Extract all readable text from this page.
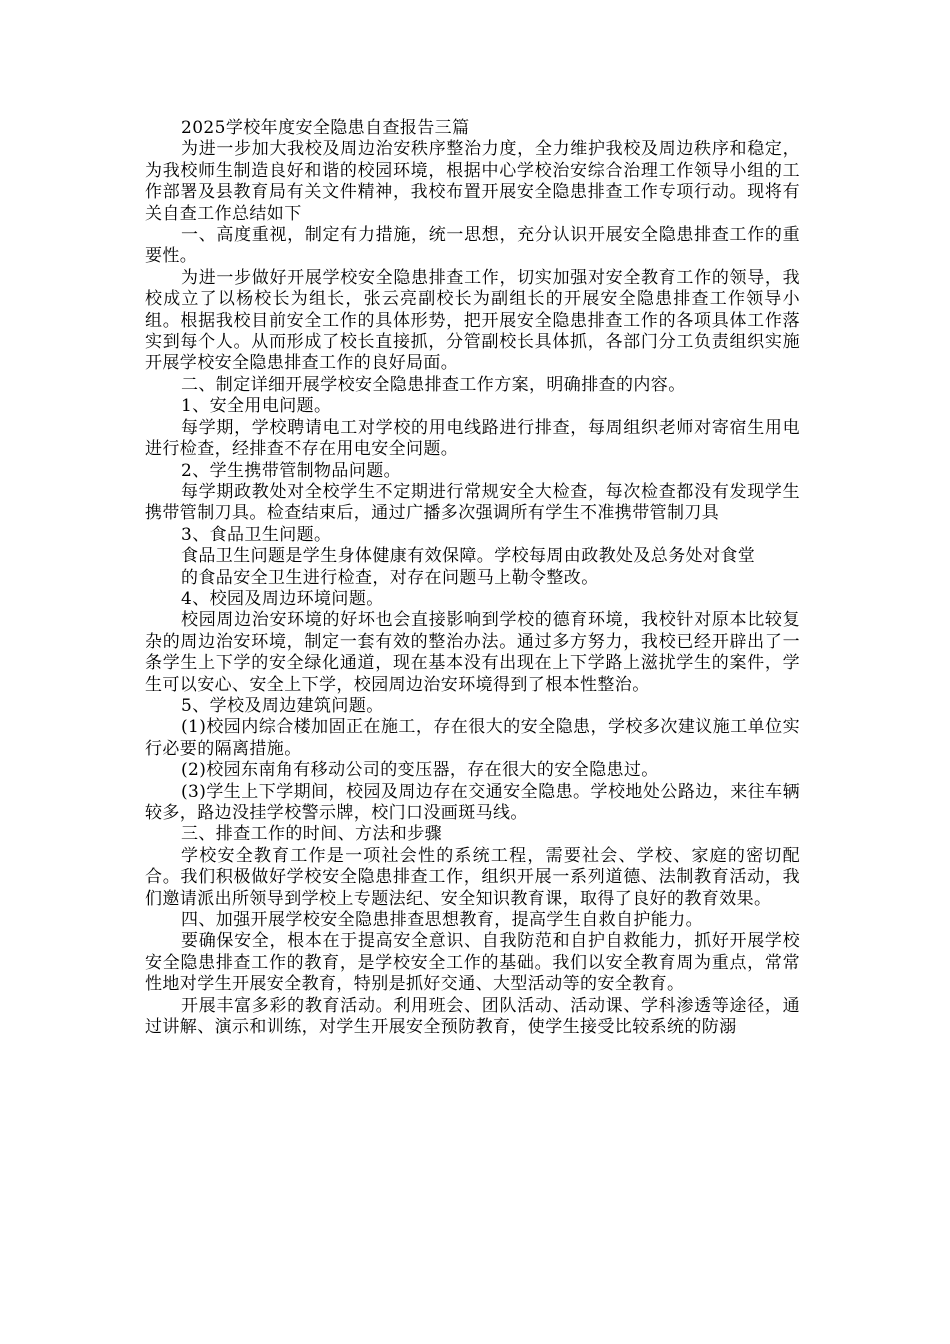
2025学校年度安全隐患自查报告三篇

为进一步加大我校及周边治安秩序整治力度，全力维护我校及周边秩序和稳定，为我校师生制造良好和谐的校园环境，根据中心学校治安综合治理工作领导小组的工作部署及县教育局有关文件精神，我校布置开展安全隐患排查工作专项行动。现将有关自查工作总结如下

一、高度重视，制定有力措施，统一思想，充分认识开展安全隐患排查工作的重要性。

为进一步做好开展学校安全隐患排查工作，切实加强对安全教育工作的领导，我校成立了以杨校长为组长，张云亮副校长为副组长的开展安全隐患排查工作领导小组。根据我校目前安全工作的具体形势，把开展安全隐患排查工作的各项具体工作落实到每个人。从而形成了校长直接抓，分管副校长具体抓，各部门分工负责组织实施开展学校安全隐患排查工作的良好局面。

二、制定详细开展学校安全隐患排查工作方案，明确排查的内容。

1、安全用电问题。

每学期，学校聘请电工对学校的用电线路进行排查，每周组织老师对寄宿生用电进行检查，经排查不存在用电安全问题。

2、学生携带管制物品问题。

每学期政教处对全校学生不定期进行常规安全大检查，每次检查都没有发现学生携带管制刀具。检查结束后，通过广播多次强调所有学生不准携带管制刀具

3、食品卫生问题。

食品卫生问题是学生身体健康有效保障。学校每周由政教处及总务处对食堂

的食品安全卫生进行检查，对存在问题马上勒令整改。

4、校园及周边环境问题。

校园周边治安环境的好坏也会直接影响到学校的德育环境，我校针对原本比较复杂的周边治安环境，制定一套有效的整治办法。通过多方努力，我校已经开辟出了一条学生上下学的安全绿化通道，现在基本没有出现在上下学路上滋扰学生的案件，学生可以安心、安全上下学，校园周边治安环境得到了根本性整治。

5、学校及周边建筑问题。

(1)校园内综合楼加固正在施工，存在很大的安全隐患，学校多次建议施工单位实行必要的隔离措施。

(2)校园东南角有移动公司的变压器，存在很大的安全隐患过。

(3)学生上下学期间，校园及周边存在交通安全隐患。学校地处公路边，来往车辆较多，路边没挂学校警示牌，校门口没画斑马线。

三、排查工作的时间、方法和步骤

学校安全教育工作是一项社会性的系统工程，需要社会、学校、家庭的密切配合。我们积极做好学校安全隐患排查工作，组织开展一系列道德、法制教育活动，我们邀请派出所领导到学校上专题法纪、安全知识教育课，取得了良好的教育效果。

四、加强开展学校安全隐患排查思想教育，提高学生自救自护能力。

要确保安全，根本在于提高安全意识、自我防范和自护自救能力，抓好开展学校安全隐患排查工作的教育，是学校安全工作的基础。我们以安全教育周为重点，常常性地对学生开展安全教育，特别是抓好交通、大型活动等的安全教育。

开展丰富多彩的教育活动。利用班会、团队活动、活动课、学科渗透等途径，通过讲解、演示和训练，对学生开展安全预防教育，使学生接受比较系统的防溺
